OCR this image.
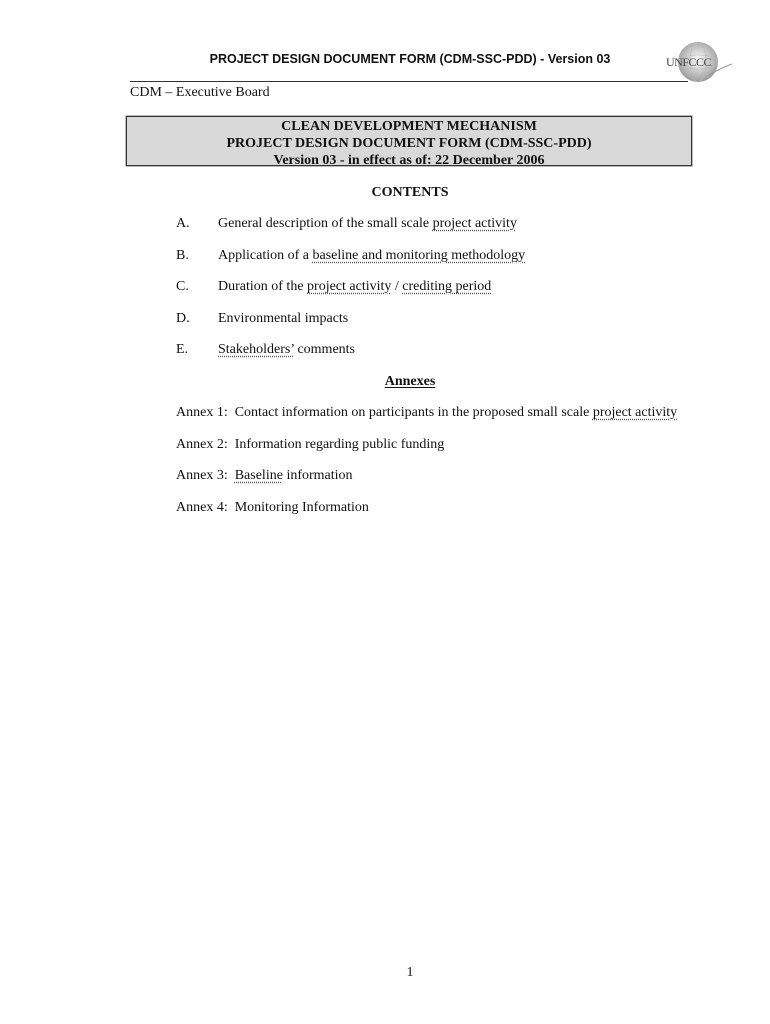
PROJECT DESIGN DOCUMENT FORM (CDM-SSC-PDD) - Version 03	UNFCCC
CDM – Executive Board
CLEAN DEVELOPMENT MECHANISM
PROJECT DESIGN DOCUMENT FORM (CDM-SSC-PDD)
Version 03 - in effect as of: 22 December 2006
CONTENTS
A. General description of the small scale project activity
B. Application of a baseline and monitoring methodology
C. Duration of the project activity / crediting period
D. Environmental impacts
E. Stakeholders’ comments
Annexes
Annex 1: Contact information on participants in the proposed small scale project activity
Annex 2: Information regarding public funding
Annex 3: Baseline information
Annex 4: Monitoring Information
1
